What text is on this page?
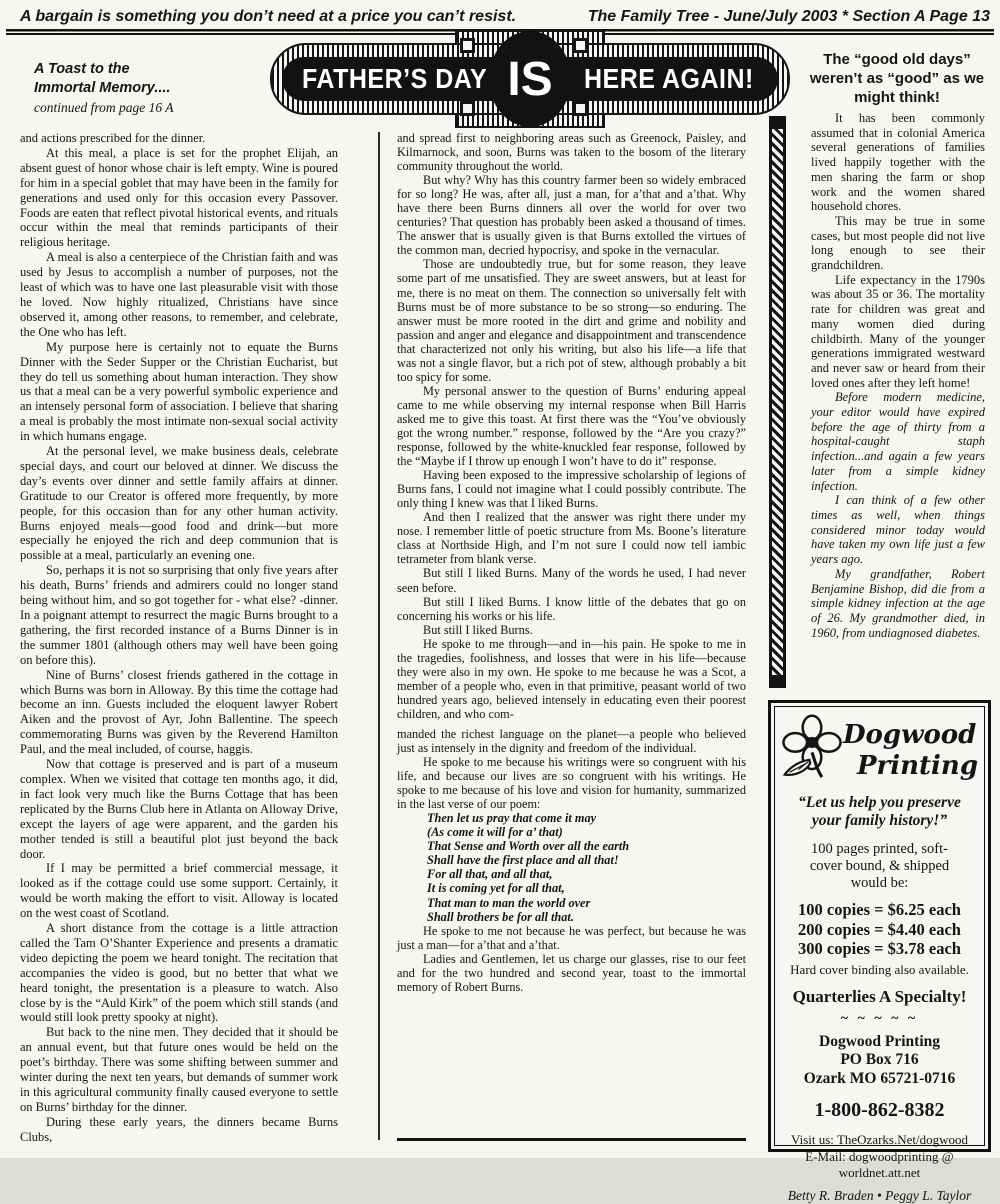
A bargain is something you don’t need at a price you can’t resist.	The Family Tree - June/July 2003 * Section A Page 13
A Toast to the
Immortal Memory....
continued from page 16 A
IS
FATHER’S DAY	HERE AGAIN!

and actions prescribed for the dinner.

At this meal, a place is set for the prophet Elijah, an absent guest of honor whose chair is left empty. Wine is poured for him in a special goblet that may have been in the family for generations and used only for this occasion every Passover. Foods are eaten that reflect pivotal historical events, and rituals occur within the meal that reminds participants of their religious heritage.

A meal is also a centerpiece of the Christian faith and was used by Jesus to accomplish a number of purposes, not the least of which was to have one last pleasurable visit with those he loved. Now highly ritualized, Christians have since observed it, among other reasons, to remember, and celebrate, the One who has left.

My purpose here is certainly not to equate the Burns Dinner with the Seder Supper or the Christian Eucharist, but they do tell us something about human interaction. They show us that a meal can be a very powerful symbolic experience and an intensely personal form of association. I believe that sharing a meal is probably the most intimate non-sexual social activity in which humans engage.

At the personal level, we make business deals, celebrate special days, and court our beloved at dinner. We discuss the day’s events over dinner and settle family affairs at dinner. Gratitude to our Creator is offered more frequently, by more people, for this occasion than for any other human activity. Burns enjoyed meals—good food and drink—but more especially he enjoyed the rich and deep communion that is possible at a meal, particularly an evening one.

So, perhaps it is not so surprising that only five years after his death, Burns’ friends and admirers could no longer stand being without him, and so got together for - what else? -dinner. In a poignant attempt to resurrect the magic Burns brought to a gathering, the first recorded instance of a Burns Dinner is in the summer 1801 (although others may well have been going on before this).

Nine of Burns’ closest friends gathered in the cottage in which Burns was born in Alloway. By this time the cottage had become an inn. Guests included the eloquent lawyer Robert Aiken and the provost of Ayr, John Ballentine. The speech commemorating Burns was given by the Reverend Hamilton Paul, and the meal included, of course, haggis.

Now that cottage is preserved and is part of a museum complex. When we visited that cottage ten months ago, it did, in fact look very much like the Burns Cottage that has been replicated by the Burns Club here in Atlanta on Alloway Drive, except the layers of age were apparent, and the garden his mother tended is still a beautiful plot just beyond the back door.

If I may be permitted a brief commercial message, it looked as if the cottage could use some support. Certainly, it would be worth making the effort to visit. Alloway is located on the west coast of Scotland.

A short distance from the cottage is a little attraction called the Tam O’Shanter Experience and presents a dramatic video depicting the poem we heard tonight. The recitation that accompanies the video is good, but no better that what we heard tonight, the presentation is a pleasure to watch. Also close by is the “Auld Kirk” of the poem which still stands (and would still look pretty spooky at night).

But back to the nine men. They decided that it should be an annual event, but that future ones would be held on the poet’s birthday. There was some shifting between summer and winter during the next ten years, but demands of summer work in this agricultural community finally caused everyone to settle on Burns’ birthday for the dinner.

During these early years, the dinners became Burns Clubs,

and spread first to neighboring areas such as Greenock, Paisley, and Kilmarnock, and soon, Burns was taken to the bosom of the literary community throughout the world.

But why? Why has this country farmer been so widely embraced for so long? He was, after all, just a man, for a’that and a’that. Why have there been Burns dinners all over the world for over two centuries? That question has probably been asked a thousand of times. The answer that is usually given is that Burns extolled the virtues of the common man, decried hypocrisy, and spoke in the vernacular.

Those are undoubtedly true, but for some reason, they leave some part of me unsatisfied. They are sweet answers, but at least for me, there is no meat on them. The connection so universally felt with Burns must be of more substance to be so strong—so enduring. The answer must be more rooted in the dirt and grime and nobility and passion and anger and elegance and disappointment and transcendence that characterized not only his writing, but also his life—a life that was not a single flavor, but a rich pot of stew, although probably a bit too spicy for some.

My personal answer to the question of Burns’ enduring appeal came to me while observing my internal response when Bill Harris asked me to give this toast. At first there was the “You’ve obviously got the wrong number.” response, followed by the “Are you crazy?” response, followed by the white-knuckled fear response, followed by the “Maybe if I throw up enough I won’t have to do it” response.

Having been exposed to the impressive scholarship of legions of Burns fans, I could not imagine what I could possibly contribute. The only thing I knew was that I liked Burns.

And then I realized that the answer was right there under my nose. I remember little of poetic structure from Ms. Boone’s literature class at Northside High, and I’m not sure I could now tell iambic tetrameter from blank verse.

But still I liked Burns. Many of the words he used, I had never seen before.

But still I liked Burns. I know little of the debates that go on concerning his works or his life.

But still I liked Burns.

He spoke to me through—and in—his pain. He spoke to me in the tragedies, foolishness, and losses that were in his life—because they were also in my own. He spoke to me because he was a Scot, a member of a people who, even in that primitive, peasant world of two hundred years ago, believed intensely in educating even their poorest children, and who com-

manded the richest language on the planet—a people who believed just as intensely in the dignity and freedom of the individual.

He spoke to me because his writings were so congruent with his life, and because our lives are so congruent with his writings. He spoke to me because of his love and vision for humanity, summarized in the last verse of our poem:

Then let us pray that come it may

(As come it will for a’ that)

That Sense and Worth over all the earth

Shall have the first place and all that!

For all that, and all that,

It is coming yet for all that,

That man to man the world over

Shall brothers be for all that.

He spoke to me not because he was perfect, but because he was just a man—for a’that and a’that.

Ladies and Gentlemen, let us charge our glasses, rise to our feet and for the two hundred and second year, toast to the immortal memory of Robert Burns.

The “good old days” weren’t as “good” as we might think!

It has been commonly assumed that in colonial America several generations of families lived happily together with the men sharing the farm or shop work and the women shared household chores.

This may be true in some cases, but most people did not live long enough to see their grandchildren.

Life expectancy in the 1790s was about 35 or 36. The mortality rate for children was great and many women died during childbirth. Many of the younger generations immigrated westward and never saw or heard from their loved ones after they left home!

Before modern medicine, your editor would have expired before the age of thirty from a hospital-caught staph infection...and again a few years later from a simple kidney infection.

I can think of a few other times as well, when things considered minor today would have taken my own life just a few years ago.

My grandfather, Robert Benjamine Bishop, did die from a simple kidney infection at the age of 26. My grandmother died, in 1960, from undiagnosed diabetes.

Dogwood
Printing
“Let us help you preserve your family history!”
100 pages printed, soft-cover bound, & shipped would be:
100 copies = $6.25 each
200 copies = $4.40 each
300 copies = $3.78 each
Hard cover binding also available.
Quarterlies A Specialty!
~ ~ ~ ~ ~
Dogwood Printing
PO Box 716
Ozark MO 65721-0716
1-800-862-8382
Visit us: TheOzarks.Net/dogwood
E-Mail: dogwoodprinting @ worldnet.att.net
Betty R. Braden • Peggy L. Taylor
